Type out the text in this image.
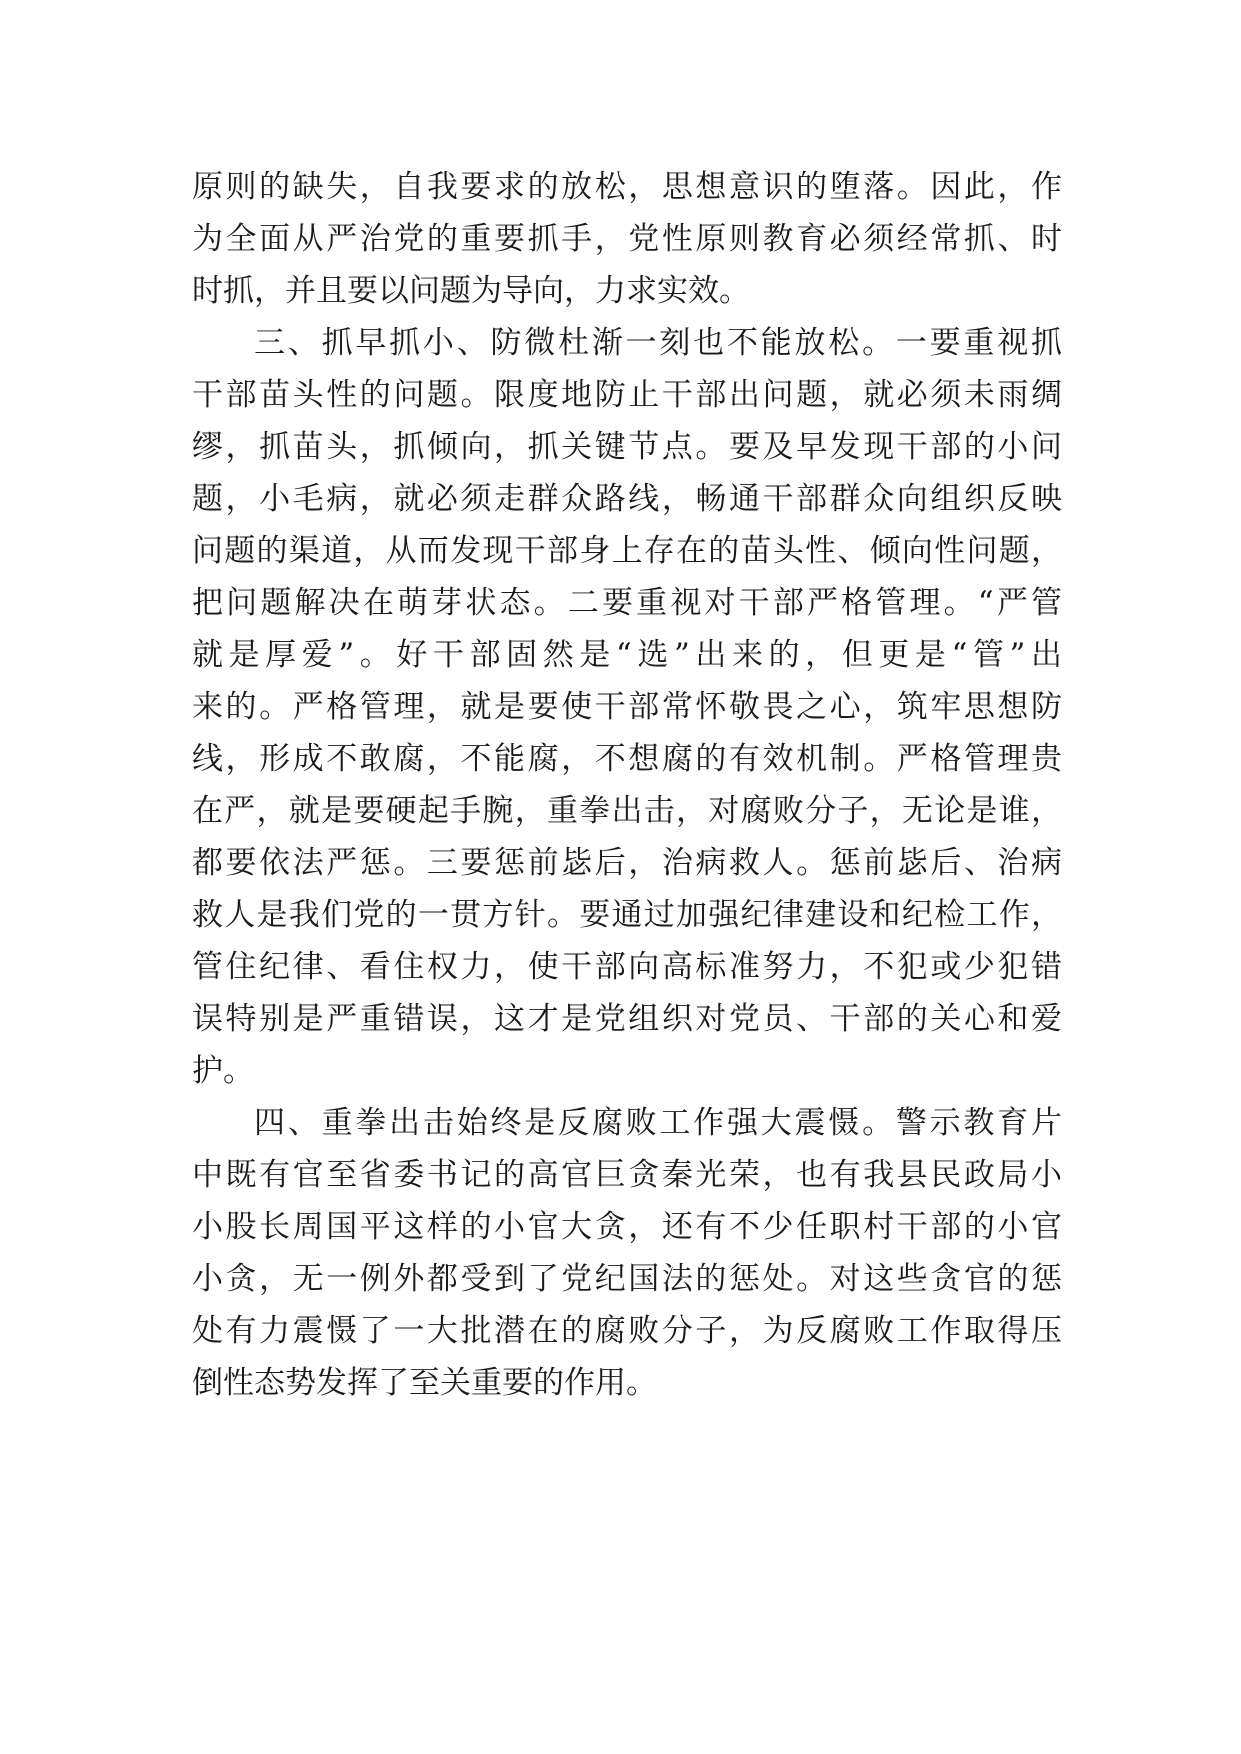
原则的缺失，自我要求的放松，思想意识的堕落。因此，作
为全面从严治党的重要抓手，党性原则教育必须经常抓、时
时抓，并且要以问题为导向，力求实效。
三、抓早抓小、防微杜渐一刻也不能放松。一要重视抓
干部苗头性的问题。限度地防止干部出问题，就必须未雨绸
缪，抓苗头，抓倾向，抓关键节点。要及早发现干部的小问
题，小毛病，就必须走群众路线，畅通干部群众向组织反映
问题的渠道，从而发现干部身上存在的苗头性、倾向性问题，
把问题解决在萌芽状态。二要重视对干部严格管理。“严管
就是厚爱”。好干部固然是“选”出来的，但更是“管”出
来的。严格管理，就是要使干部常怀敬畏之心，筑牢思想防
线，形成不敢腐，不能腐，不想腐的有效机制。严格管理贵
在严，就是要硬起手腕，重拳出击，对腐败分子，无论是谁，
都要依法严惩。三要惩前毖后，治病救人。惩前毖后、治病
救人是我们党的一贯方针。要通过加强纪律建设和纪检工作，
管住纪律、看住权力，使干部向高标准努力，不犯或少犯错
误特别是严重错误，这才是党组织对党员、干部的关心和爱
护。
四、重拳出击始终是反腐败工作强大震慑。警示教育片
中既有官至省委书记的高官巨贪秦光荣，也有我县民政局小
小股长周国平这样的小官大贪，还有不少任职村干部的小官
小贪，无一例外都受到了党纪国法的惩处。对这些贪官的惩
处有力震慑了一大批潜在的腐败分子，为反腐败工作取得压
倒性态势发挥了至关重要的作用。
